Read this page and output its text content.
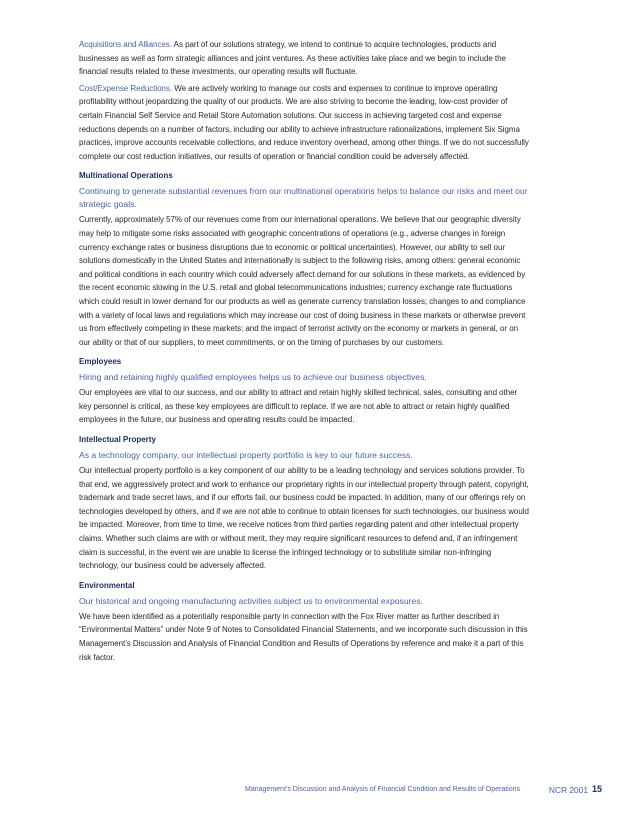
Acquisitions and Alliances. As part of our solutions strategy, we intend to continue to acquire technologies, products and businesses as well as form strategic alliances and joint ventures. As these activities take place and we begin to include the financial results related to these investments, our operating results will fluctuate.

Cost/Expense Reductions. We are actively working to manage our costs and expenses to continue to improve operating profitability without jeopardizing the quality of our products. We are also striving to become the leading, low-cost provider of certain Financial Self Service and Retail Store Automation solutions. Our success in achieving targeted cost and expense reductions depends on a number of factors, including our ability to achieve infrastructure rationalizations, implement Six Sigma practices, improve accounts receivable collections, and reduce inventory overhead, among other things. If we do not successfully complete our cost reduction initiatives, our results of operation or financial condition could be adversely affected.

Multinational Operations
Continuing to generate substantial revenues from our multinational operations helps to balance our risks and meet our strategic goals.

Currently, approximately 57% of our revenues come from our international operations. We believe that our geographic diversity may help to mitigate some risks associated with geographic concentrations of operations (e.g., adverse changes in foreign currency exchange rates or business disruptions due to economic or political uncertainties). However, our ability to sell our solutions domestically in the United States and internationally is subject to the following risks, among others: general economic and political conditions in each country which could adversely affect demand for our solutions in these markets, as evidenced by the recent economic slowing in the U.S. retail and global telecommunications industries; currency exchange rate fluctuations which could result in lower demand for our products as well as generate currency translation losses; changes to and compliance with a variety of local laws and regulations which may increase our cost of doing business in these markets or otherwise prevent us from effectively competing in these markets; and the impact of terrorist activity on the economy or markets in general, or on our ability or that of our suppliers, to meet commitments, or on the timing of purchases by our customers.

Employees
Hiring and retaining highly qualified employees helps us to achieve our business objectives.

Our employees are vital to our success, and our ability to attract and retain highly skilled technical, sales, consulting and other key personnel is critical, as these key employees are difficult to replace. If we are not able to attract or retain highly qualified employees in the future, our business and operating results could be impacted.

Intellectual Property
As a technology company, our intellectual property portfolio is key to our future success.

Our intellectual property portfolio is a key component of our ability to be a leading technology and services solutions provider. To that end, we aggressively protect and work to enhance our proprietary rights in our intellectual property through patent, copyright, trademark and trade secret laws, and if our efforts fail, our business could be impacted. In addition, many of our offerings rely on technologies developed by others, and if we are not able to continue to obtain licenses for such technologies, our business would be impacted. Moreover, from time to time, we receive notices from third parties regarding patent and other intellectual property claims. Whether such claims are with or without merit, they may require significant resources to defend and, if an infringement claim is successful, in the event we are unable to license the infringed technology or to substitute similar non-infringing technology, our business could be adversely affected.

Environmental
Our historical and ongoing manufacturing activities subject us to environmental exposures.

We have been identified as a potentially responsible party in connection with the Fox River matter as further described in “Environmental Matters” under Note 9 of Notes to Consolidated Financial Statements, and we incorporate such discussion in this Management’s Discussion and Analysis of Financial Condition and Results of Operations by reference and make it a part of this risk factor.

Management’s Discussion and Analysis of Financial Condition and Results of Operations	NCR 2001 15
